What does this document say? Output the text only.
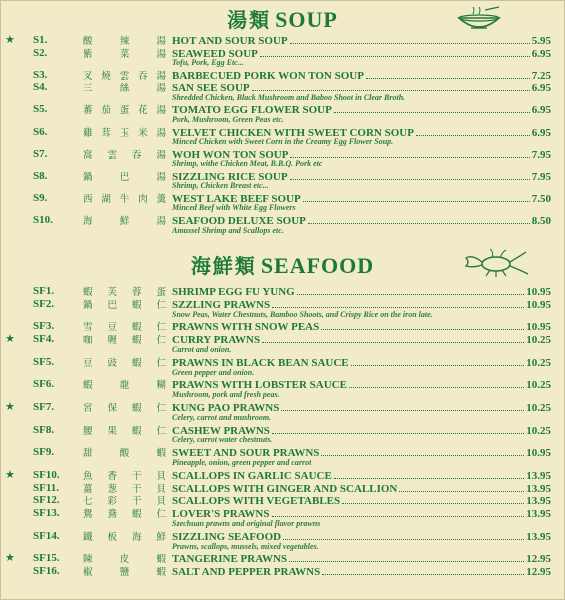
湯類 SOUP
★ S1.	酸	辣	湯 HOT AND SOUR SOUP	5.95
S2.	紫	菜	湯 SEAWEED SOUP	6.95
Tofu, Pork, Egg Etc...
S3.	叉 燒 雲 吞 湯 BARBECUED PORK WON TON SOUP	7.25
S4.	三	絲	湯 SAN SEE SOUP	6.95
Shredded Chicken, Black Mushroom and Baboo Shoot in Clear Broth.
S5.	蕃 茄 蛋 花 湯 TOMATO EGG FLOWER SOUP	6.95
Pork, Mushroom, Green Peas etc.
S6.	雞 茸 玉 米 湯 VELVET CHICKEN WITH SWEET CORN SOUP	6.95
Minced Chicken with Sweet Corn in the Creamy Egg Flower Soup.
S7.	窩 雲 吞 湯 WOH WON TON SOUP	7.95
Shrimp, withe Chicken Meat, B.B.Q. Pork etc
S8.	鍋	巴	湯 SIZZLING RICE SOUP	7.95
Shrimp, Chicken Breast etc...
S9.	西 湖 牛 肉 羹 WEST LAKE BEEF SOUP	7.50
Minced Beef with White Egg Flowers
S10.	海	鮮	湯 SEAFOOD DELUXE SOUP	8.50
Amussel Shrimp and Scallops etc.
海鮮類 SEAFOOD
SF1.	蝦 芙 蓉 蛋 SHRIMP EGG FU YUNG	10.95
SF2.	鍋 巴 蝦 仁 SZZLING PRAWNS	10.95
Snow Peas, Water Chestnuts, Bamboo Shoots, and Crispy Rice on the iron late.
SF3.	雪 豆 蝦 仁 PRAWNS WITH SNOW PEAS	10.95
★ SF4.	咖 喱 蝦 仁 CURRY PRAWNS	10.25
Carrot and onion.
SF5.	豆 豉 蝦 仁 PRAWNS IN BLACK BEAN SAUCE	10.25
Green pepper and onion.
SF6.	蝦	龍	糊 PRAWNS WITH LOBSTER SAUCE	10.25
Mushroom, pork and fresh peas.
★ SF7.	宮 保 蝦 仁 KUNG PAO PRAWNS	10.25
Celery, carrot and mushroom.
SF8.	腰 果 蝦 仁 CASHEW PRAWNS	10.25
Celery, carrot water chestnuts.
SF9.	甜	酸	蝦 SWEET AND SOUR PRAWNS	10.95
Pineapple, onion, green pepper and carrot
★ SF10. 魚 香 干 貝 SCALLOPS IN GARLIC SAUCE	13.95
SF11.	薑 葱 干 貝 SCALLOPS WITH GINGER AND SCALLION	13.95
SF12. 七 彩 干 貝 SCALLOPS WITH VEGETABLES	13.95
SF13. 鴛 鴦 蝦 仁 LOVER'S PRAWNS	13.95
Szechuan prawns and original flavor prawns
SF14. 鐵 板 海 鮮 SIZZLING SEAFOOD	13.95
Prawns, scallops, mussels, mixed vegetables.
★ SF15. 陳	皮	蝦 TANGERINE PRAWNS	12.95
SF16. 椒	鹽	蝦 SALT AND PEPPER PRAWNS	12.95
